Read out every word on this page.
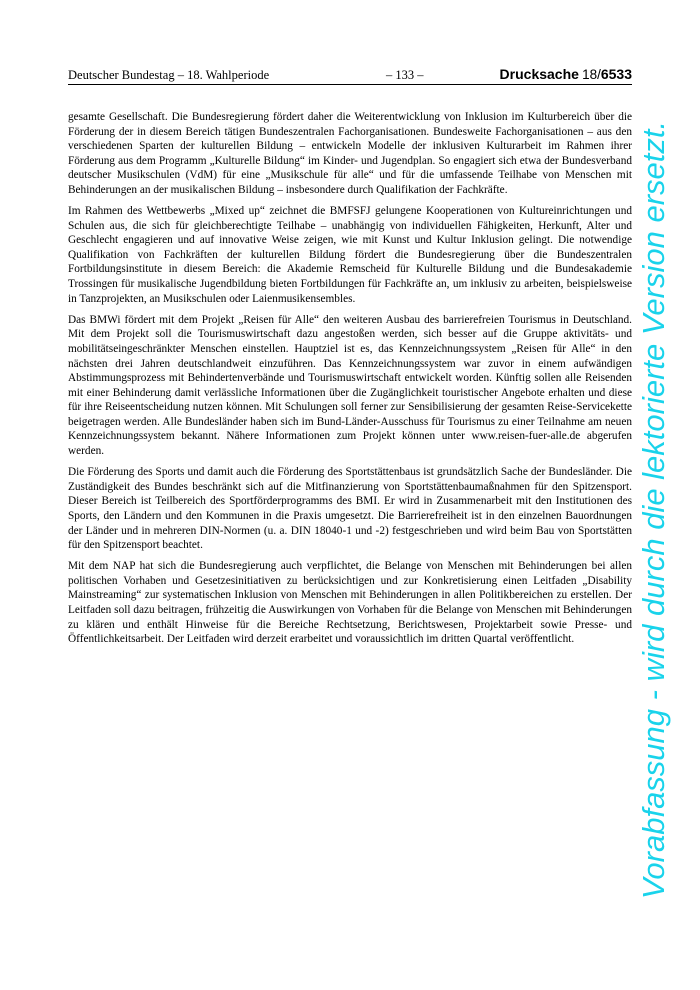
Deutscher Bundestag – 18. Wahlperiode	– 133 –	Drucksache 18/6533

gesamte Gesellschaft. Die Bundesregierung fördert daher die Weiterentwicklung von Inklusion im Kulturbereich über die Förderung der in diesem Bereich tätigen Bundeszentralen Fachorganisationen. Bundesweite Fachorganisationen – aus den verschiedenen Sparten der kulturellen Bildung – entwickeln Modelle der inklusiven Kulturarbeit im Rahmen ihrer Förderung aus dem Programm „Kulturelle Bildung“ im Kinder- und Jugendplan. So engagiert sich etwa der Bundesverband deutscher Musikschulen (VdM) für eine „Musikschule für alle“ und für die umfassende Teilhabe von Menschen mit Behinderungen an der musikalischen Bildung – insbesondere durch Qualifikation der Fachkräfte.

Im Rahmen des Wettbewerbs „Mixed up“ zeichnet die BMFSFJ gelungene Kooperationen von Kultureinrichtungen und Schulen aus, die sich für gleichberechtigte Teilhabe – unabhängig von individuellen Fähigkeiten, Herkunft, Alter und Geschlecht engagieren und auf innovative Weise zeigen, wie mit Kunst und Kultur Inklusion gelingt. Die notwendige Qualifikation von Fachkräften der kulturellen Bildung fördert die Bundesregierung über die Bundeszentralen Fortbildungsinstitute in diesem Bereich: die Akademie Remscheid für Kulturelle Bildung und die Bundesakademie Trossingen für musikalische Jugendbildung bieten Fortbildungen für Fachkräfte an, um inklusiv zu arbeiten, beispielsweise in Tanzprojekten, an Musikschulen oder Laienmusikensembles.

Das BMWi fördert mit dem Projekt „Reisen für Alle“ den weiteren Ausbau des barrierefreien Tourismus in Deutschland. Mit dem Projekt soll die Tourismuswirtschaft dazu angestoßen werden, sich besser auf die Gruppe aktivitäts- und mobilitätseingeschränkter Menschen einstellen. Hauptziel ist es, das Kennzeichnungssystem „Reisen für Alle“ in den nächsten drei Jahren deutschlandweit einzuführen. Das Kennzeichnungssystem war zuvor in einem aufwändigen Abstimmungsprozess mit Behindertenverbände und Tourismuswirtschaft entwickelt worden. Künftig sollen alle Reisenden mit einer Behinderung damit verlässliche Informationen über die Zugänglichkeit touristischer Angebote erhalten und diese für ihre Reiseentscheidung nutzen können. Mit Schulungen soll ferner zur Sensibilisierung der gesamten Reise-Servicekette beigetragen werden. Alle Bundesländer haben sich im Bund-Länder-Ausschuss für Tourismus zu einer Teilnahme am neuen Kennzeichnungssystem bekannt. Nähere Informationen zum Projekt können unter www.reisen-fuer-alle.de abgerufen werden.

Die Förderung des Sports und damit auch die Förderung des Sportstättenbaus ist grundsätzlich Sache der Bundesländer. Die Zuständigkeit des Bundes beschränkt sich auf die Mitfinanzierung von Sportstättenbaumaßnahmen für den Spitzensport. Dieser Bereich ist Teilbereich des Sportförderprogramms des BMI. Er wird in Zusammenarbeit mit den Institutionen des Sports, den Ländern und den Kommunen in die Praxis umgesetzt. Die Barrierefreiheit ist in den einzelnen Bauordnungen der Länder und in mehreren DIN-Normen (u. a. DIN 18040-1 und -2) festgeschrieben und wird beim Bau von Sportstätten für den Spitzensport beachtet.

Mit dem NAP hat sich die Bundesregierung auch verpflichtet, die Belange von Menschen mit Behinderungen bei allen politischen Vorhaben und Gesetzesinitiativen zu berücksichtigen und zur Konkretisierung einen Leitfaden „Disability Mainstreaming“ zur systematischen Inklusion von Menschen mit Behinderungen in allen Politikbereichen zu erstellen. Der Leitfaden soll dazu beitragen, frühzeitig die Auswirkungen von Vorhaben für die Belange von Menschen mit Behinderungen zu klären und enthält Hinweise für die Bereiche Rechtsetzung, Berichtswesen, Projektarbeit sowie Presse- und Öffentlichkeitsarbeit. Der Leitfaden wird derzeit erarbeitet und voraussichtlich im dritten Quartal veröffentlicht.	Vorabfassung - wird durch die lektorierte Version ersetzt.
